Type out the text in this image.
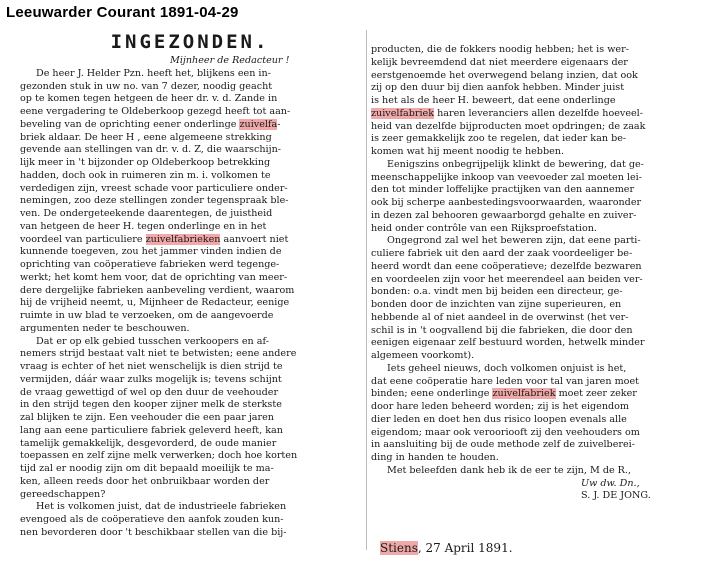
Leeuwarder Courant 1891-04-29
INGEZONDEN.
Mijnheer de Redacteur !
De heer J. Helder Pzn. heeft het, blijkens een in-
gezonden stuk in uw no. van 7 dezer, noodig geacht
op te komen tegen hetgeen de heer dr. v. d. Zande in
eene vergadering te Oldeberkoop gezegd heeft tot aan-
beveling van de oprichting eener onderlinge zuivelfa-
briek aldaar. De heer H , eene algemeene strekking
gevende aan stellingen van dr. v. d. Z, die waarschijn-
lijk meer in 't bijzonder op Oldeberkoop betrekking
hadden, doch ook in ruimeren zin m. i. volkomen te
verdedigen zijn, vreest schade voor particuliere onder-
nemingen, zoo deze stellingen zonder tegenspraak ble-
ven. De ondergeteekende daarentegen, de juistheid
van hetgeen de heer H. tegen onderlinge en in het
voordeel van particuliere zuivelfabrieken aanvoert niet
kunnende toegeven, zou het jammer vinden indien de
oprichting van coöperatieve fabrieken werd tegenge-
werkt; het komt hem voor, dat de oprichting van meer-
dere dergelijke fabrieken aanbeveling verdient, waarom
hij de vrijheid neemt, u, Mijnheer de Redacteur, eenige
ruimte in uw blad te verzoeken, om de aangevoerde
argumenten neder te beschouwen.
Dat er op elk gebied tusschen verkoopers en af-
nemers strijd bestaat valt niet te betwisten; eene andere
vraag is echter of het niet wenschelijk is dien strijd te
vermijden, dáár waar zulks mogelijk is; tevens schijnt
de vraag gewettigd of wel op den duur de veehouder
in den strijd tegen den kooper zijner melk de sterkste
zal blijken te zijn. Een veehouder die een paar jaren
lang aan eene particuliere fabriek geleverd heeft, kan
tamelijk gemakkelijk, desgevorderd, de oude manier
toepassen en zelf zijne melk verwerken; doch hoe korten
tijd zal er noodig zijn om dit bepaald moeilijk te ma-
ken, alleen reeds door het onbruikbaar worden der
gereedschappen?
Het is volkomen juist, dat de industrieele fabrieken
evengoed als de coöperatieve den aanfok zouden kun-
nen bevorderen door 't beschikbaar stellen van die bij-
producten, die de fokkers noodig hebben; het is wer-
kelijk bevreemdend dat niet meerdere eigenaars der
eerstgenoemde het overwegend belang inzien, dat ook
zij op den duur bij dien aanfok hebben. Minder juist
is het als de heer H. beweert, dat eene onderlinge
zuivelfabriek haren leveranciers allen dezelfde hoeveel-
heid van dezelfde bijproducten moet opdringen; de zaak
is zeer gemakkelijk zoo te regelen, dat ieder kan be-
komen wat hij meent noodig te hebben.
Eenigszins onbegrijpelijk klinkt de bewering, dat ge-
meenschappelijke inkoop van veevoeder zal moeten lei-
den tot minder loffelijke practijken van den aannemer
ook bij scherpe aanbestedingsvoorwaarden, waaronder
in dezen zal behooren gewaarborgd gehalte en zuiver-
heid onder contrôle van een Rijksproefstation.
Ongegrond zal wel het beweren zijn, dat eene parti-
culiere fabriek uit den aard der zaak voordeeliger be-
heerd wordt dan eene coöperatieve; dezelfde bezwaren
en voordeelen zijn voor het meerendeel aan beiden ver-
bonden: o.a. vindt men bij beiden een directeur, ge-
bonden door de inzichten van zijne superieuren, en
hebbende al of niet aandeel in de overwinst (het ver-
schil is in 't oogvallend bij die fabrieken, die door den
eenigen eigenaar zelf bestuurd worden, hetwelk minder
algemeen voorkomt).
Iets geheel nieuws, doch volkomen onjuist is het,
dat eene coöperatie hare leden voor tal van jaren moet
binden; eene onderlinge zuivelfabriek moet zeer zeker
door hare leden beheerd worden; zij is het eigendom
dier leden en doet hen dus risico loopen evenals alle
eigendom; maar ook verooriooft zij den veehouders om
in aansluiting bij de oude methode zelf de zuivelberei-
ding in handen te houden.
Met beleefden dank heb ik de eer te zijn, M de R.,
Uw dw. Dn.,
S. J. DE JONG.
Stiens, 27 April 1891.
